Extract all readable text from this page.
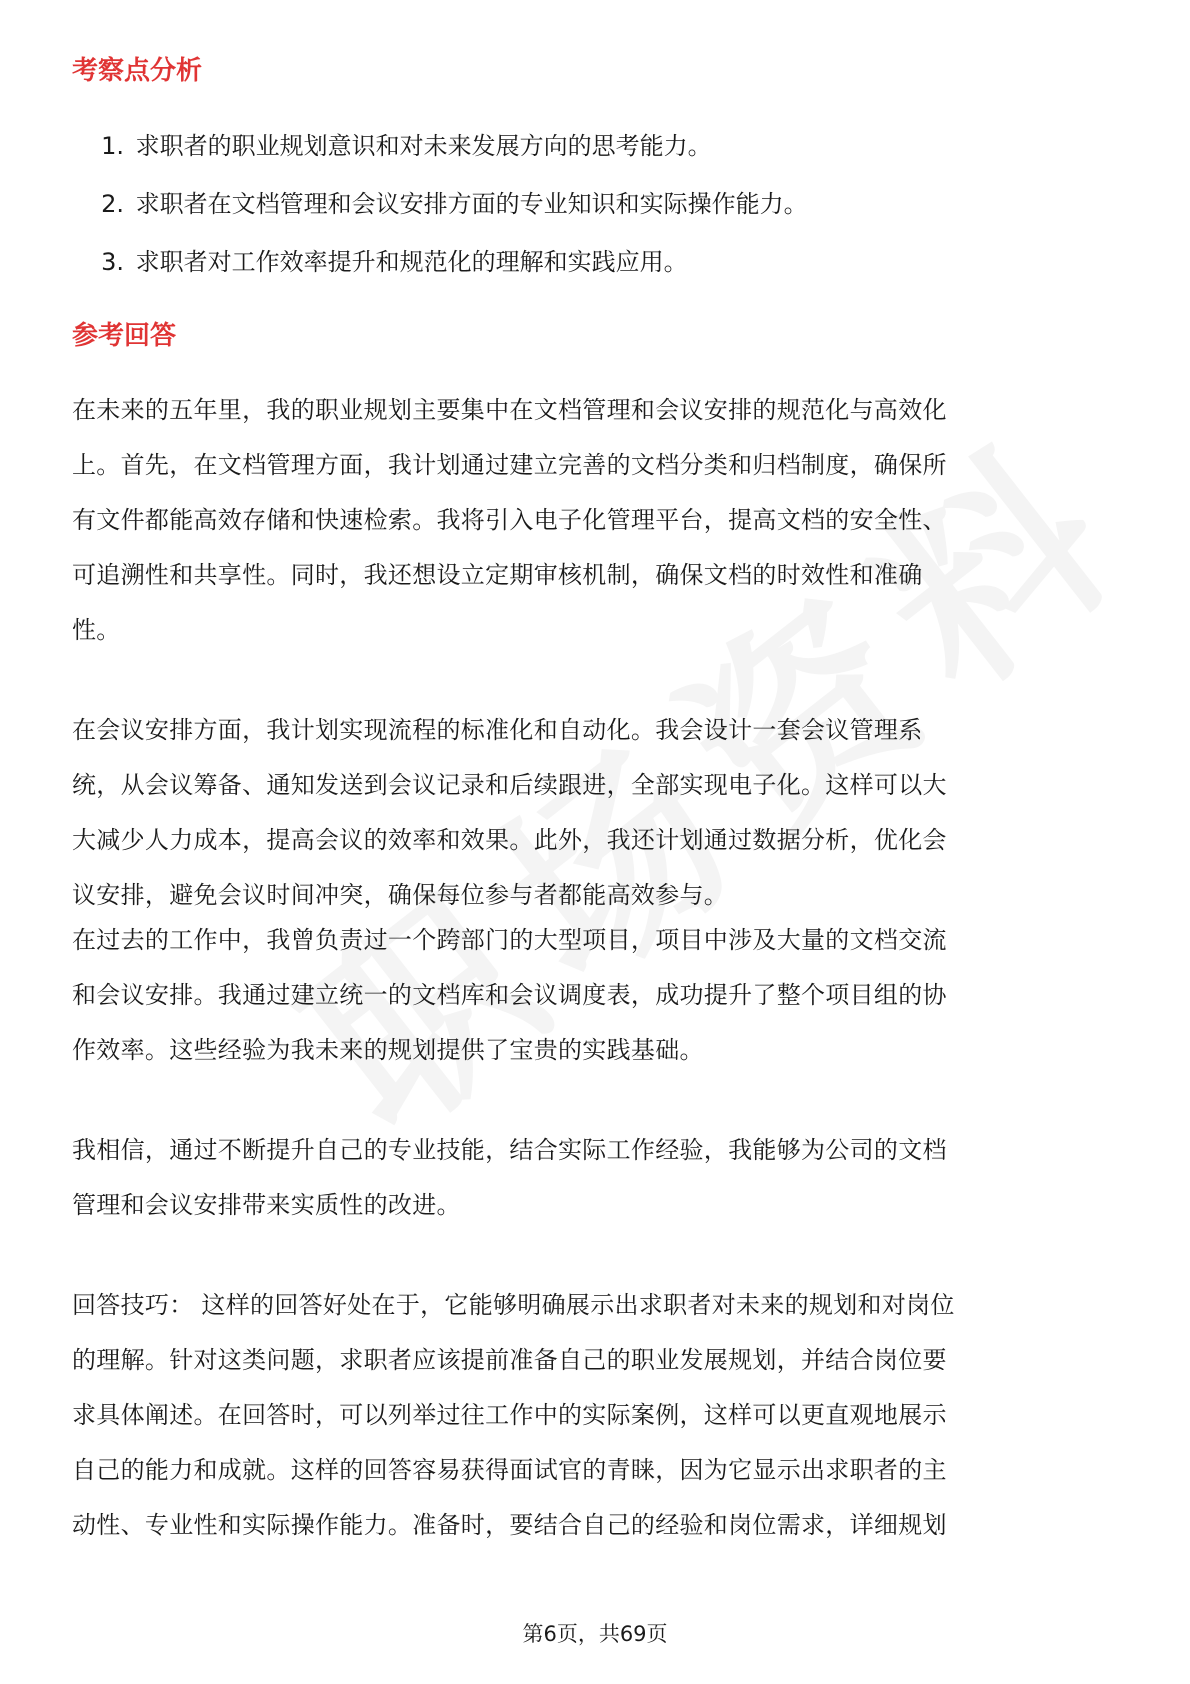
考察点分析
1. 求职者的职业规划意识和对未来发展方向的思考能力。
2. 求职者在文档管理和会议安排方面的专业知识和实际操作能力。
3. 求职者对工作效率提升和规范化的理解和实践应用。
参考回答

在未来的五年里，我的职业规划主要集中在文档管理和会议安排的规范化与高效化
上。首先，在文档管理方面，我计划通过建立完善的文档分类和归档制度，确保所
有文件都能高效存储和快速检索。我将引入电子化管理平台，提高文档的安全性、
可追溯性和共享性。同时，我还想设立定期审核机制，确保文档的时效性和准确
性。

在会议安排方面，我计划实现流程的标准化和自动化。我会设计一套会议管理系
统，从会议筹备、通知发送到会议记录和后续跟进，全部实现电子化。这样可以大
大减少人力成本，提高会议的效率和效果。此外，我还计划通过数据分析，优化会
议安排，避免会议时间冲突，确保每位参与者都能高效参与。

在过去的工作中，我曾负责过一个跨部门的大型项目，项目中涉及大量的文档交流
和会议安排。我通过建立统一的文档库和会议调度表，成功提升了整个项目组的协
作效率。这些经验为我未来的规划提供了宝贵的实践基础。

我相信，通过不断提升自己的专业技能，结合实际工作经验，我能够为公司的文档
管理和会议安排带来实质性的改进。

回答技巧： 这样的回答好处在于，它能够明确展示出求职者对未来的规划和对岗位
的理解。针对这类问题，求职者应该提前准备自己的职业发展规划，并结合岗位要
求具体阐述。在回答时，可以列举过往工作中的实际案例，这样可以更直观地展示
自己的能力和成就。这样的回答容易获得面试官的青睐，因为它显示出求职者的主
动性、专业性和实际操作能力。准备时，要结合自己的经验和岗位需求，详细规划

第6页，共69页
